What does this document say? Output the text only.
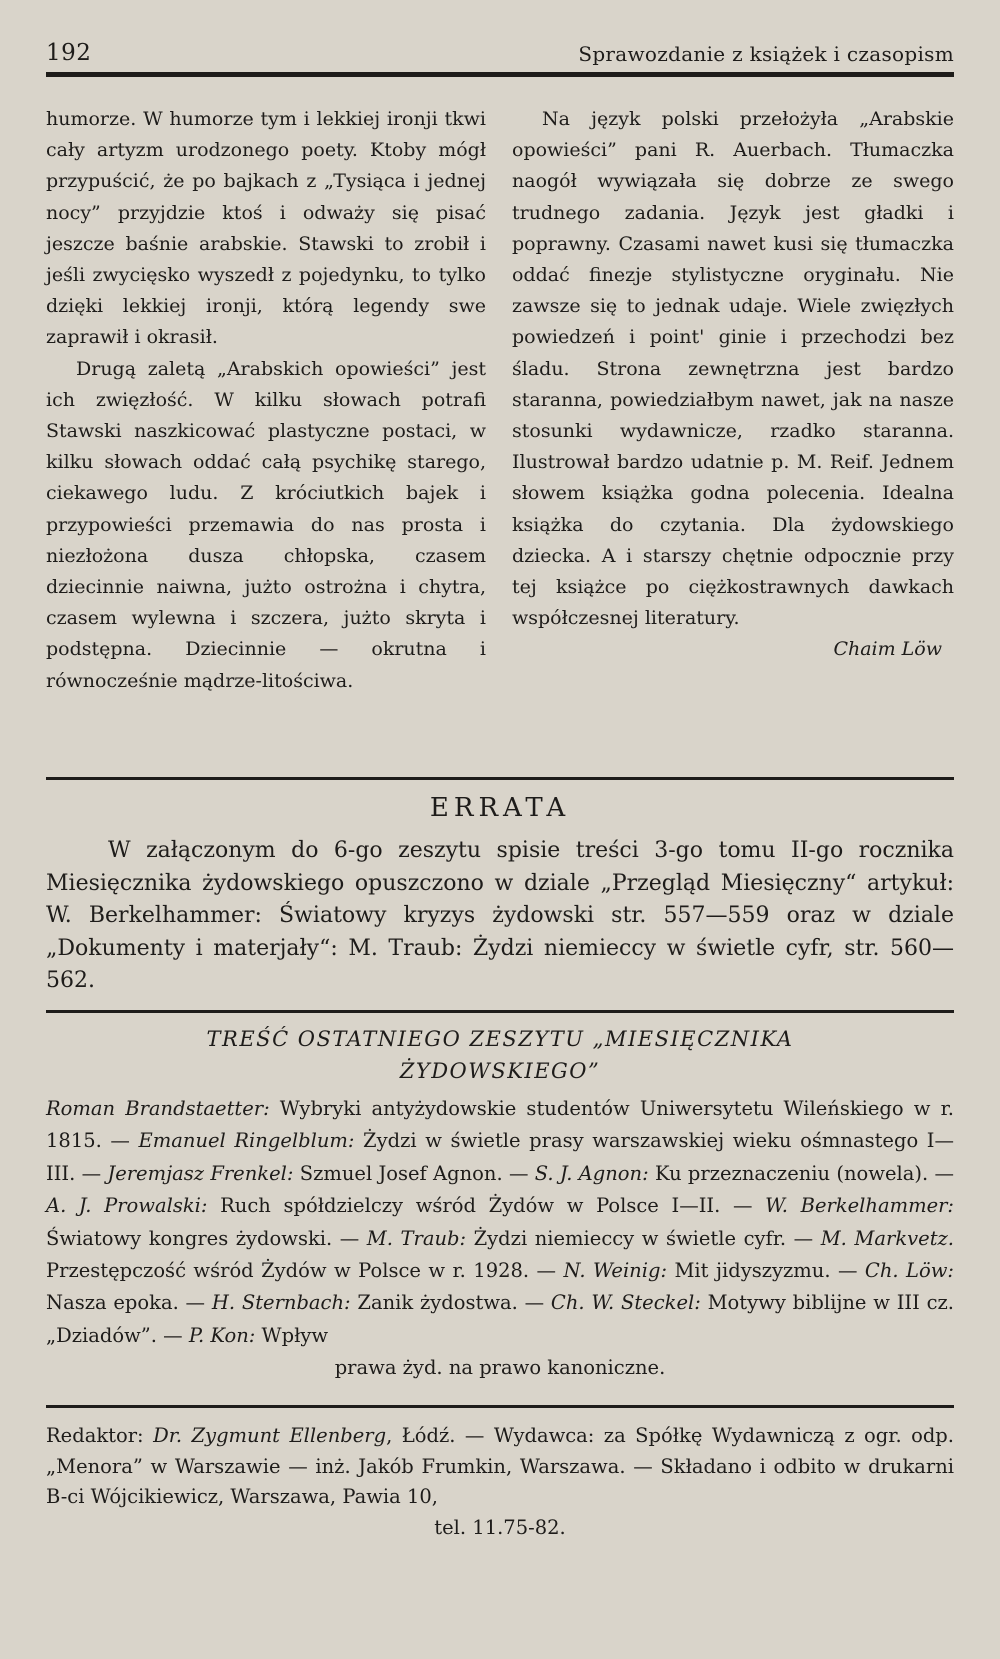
192	Sprawozdanie z książek i czasopism

humorze. W humorze tym i lekkiej ironji tkwi cały artyzm urodzonego poety. Ktoby mógł przypuścić, że po bajkach z „Tysiąca i jednej nocy” przyjdzie ktoś i odważy się pisać jeszcze baśnie arabskie. Stawski to zrobił i jeśli zwycięsko wyszedł z pojedynku, to tylko dzięki lekkiej ironji, którą legendy swe zaprawił i okrasił.

Drugą zaletą „Arabskich opowieści” jest ich zwięzłość. W kilku słowach potrafi Stawski naszkicować plastyczne postaci, w kilku słowach oddać całą psychikę starego, ciekawego ludu. Z króciutkich bajek i przypowieści przemawia do nas prosta i niezłożona dusza chłopska, czasem dziecinnie naiwna, jużto ostrożna i chytra, czasem wylewna i szczera, jużto skryta i podstępna. Dziecinnie — okrutna i równocześnie mądrze-litościwa.

Na język polski przełożyła „Arabskie opowieści” pani R. Auerbach. Tłumaczka naogół wywiązała się dobrze ze swego trudnego zadania. Język jest gładki i poprawny. Czasami nawet kusi się tłumaczka oddać finezje stylistyczne oryginału. Nie zawsze się to jednak udaje. Wiele zwięzłych powiedzeń i point' ginie i przechodzi bez śladu. Strona zewnętrzna jest bardzo staranna, powiedziałbym nawet, jak na nasze stosunki wydawnicze, rzadko staranna. Ilustrował bardzo udatnie p. M. Reif. Jednem słowem książka godna polecenia. Idealna książka do czytania. Dla żydowskiego dziecka. A i starszy chętnie odpocznie przy tej książce po ciężkostrawnych dawkach współczesnej literatury.

Chaim Löw

ERRATA

W załączonym do 6-go zeszytu spisie treści 3-go tomu II-go rocznika Miesięcznika żydowskiego opuszczono w dziale „Przegląd Miesięczny“ artykuł: W. Berkelhammer: Światowy kryzys żydowski str. 557—559 oraz w dziale „Dokumenty i materjały“: M. Traub: Żydzi niemieccy w świetle cyfr, str. 560—562.

TREŚĆ OSTATNIEGO ZESZYTU „MIESIĘCZNIKA
ŻYDOWSKIEGO”

Roman Brandstaetter: Wybryki antyżydowskie studentów Uniwersytetu Wileńskiego w r. 1815. — Emanuel Ringelblum: Żydzi w świetle prasy warszawskiej wieku ośmnastego I—III. — Jeremjasz Frenkel: Szmuel Josef Agnon. — S. J. Agnon: Ku przeznaczeniu (nowela). — A. J. Prowalski: Ruch spółdzielczy wśród Żydów w Polsce I—II. — W. Berkelhammer: Światowy kongres żydowski. — M. Traub: Żydzi niemieccy w świetle cyfr. — M. Markvetz. Przestępczość wśród Żydów w Polsce w r. 1928. — N. Weinig: Mit jidyszyzmu. — Ch. Löw: Nasza epoka. — H. Sternbach: Zanik żydostwa. — Ch. W. Steckel: Motywy biblijne w III cz. „Dziadów”. — P. Kon: Wpływ
prawa żyd. na prawo kanoniczne.

Redaktor: Dr. Zygmunt Ellenberg, Łódź. — Wydawca: za Spółkę Wydawniczą z ogr. odp. „Menora” w Warszawie — inż. Jakób Frumkin, Warszawa. — Składano i odbito w drukarni B-ci Wójcikiewicz, Warszawa, Pawia 10,
tel. 11.75-82.
